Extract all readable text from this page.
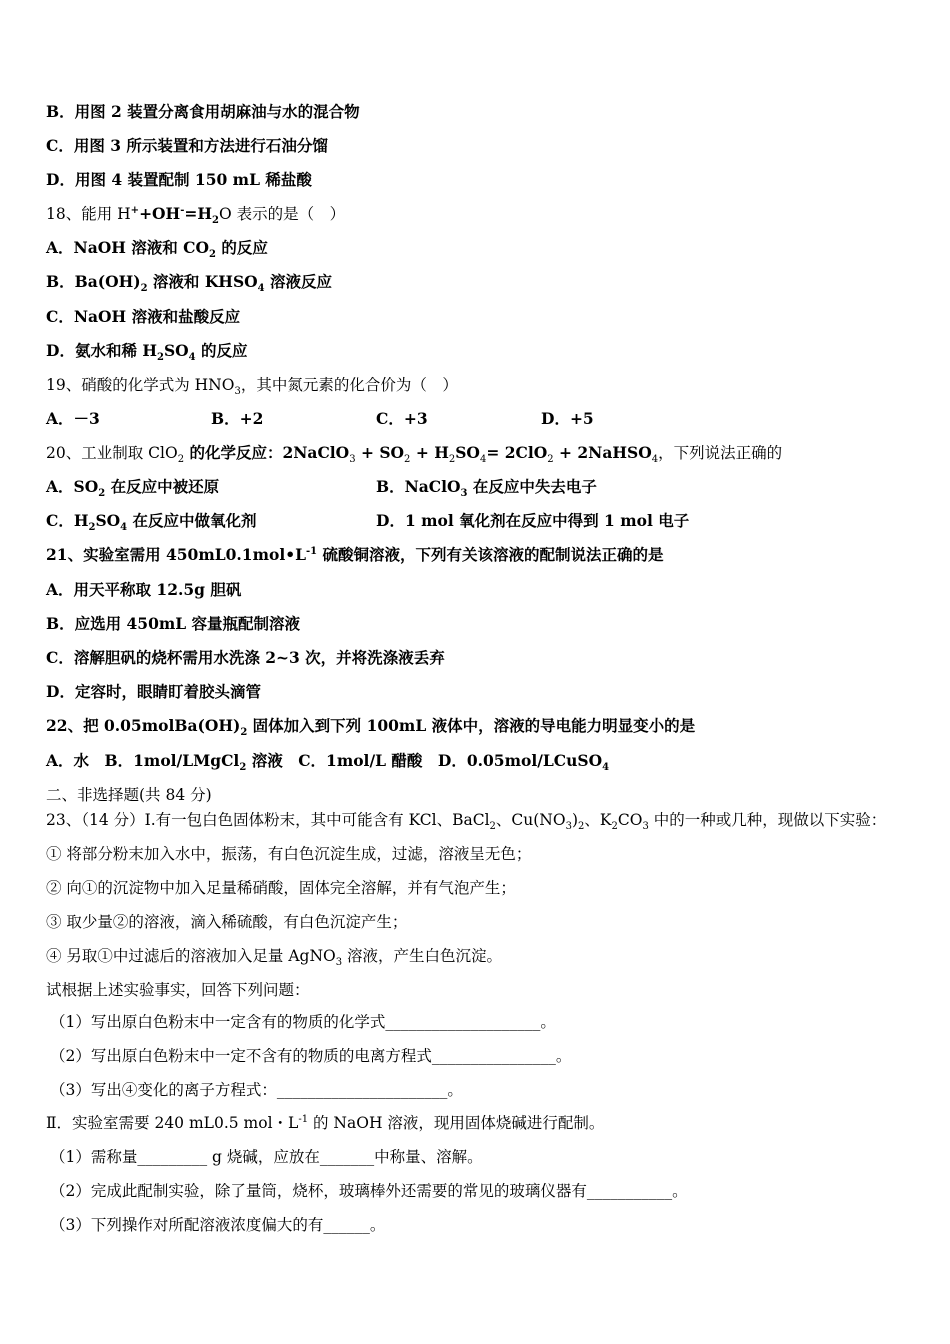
B．用图 2 装置分离食用胡麻油与水的混合物
C．用图 3 所示装置和方法进行石油分馏
D．用图 4 装置配制 150 mL 稀盐酸
18、能用 $H^++OH^-=H_2O$ 表示的是（　）
A．NaOH 溶液和 $CO_2$ 的反应
B．$Ba(OH)_2$ 溶液和 $KHSO_4$ 溶液反应
C．NaOH 溶液和盐酸反应
D．氨水和稀 $H_2SO_4$ 的反应
19、硝酸的化学式为 $HNO_3$，其中氮元素的化合价为（　）
A．－3	B．+2	C．+3	D．+5
20、工业制取 ClO$_2$ 的化学反应：2NaClO$_3$ + $SO_2 + H_2SO_4= 2ClO_2$ + 2NaHSO$_4$，下列说法正确的
A．$SO_2$ 在反应中被还原	B．NaClO$_3$ 在反应中失去电子
C．$H_2SO_4$ 在反应中做氧化剂	D．1 mol 氧化剂在反应中得到 1 mol 电子
21、实验室需用 $450mL0.1mol•L^{-1}$ 硫酸铜溶液，下列有关该溶液的配制说法正确的是
A．用天平称取 12.5g 胆矾
B．应选用 450mL 容量瓶配制溶液
C．溶解胆矾的烧杯需用水洗涤 2~3 次，并将洗涤液丢弃
D．定容时，眼睛盯着胶头滴管
22、把 $0.05molBa(OH)_2$ 固体加入到下列 100mL 液体中，溶液的导电能力明显变小的是
A．水　B．1mol/LMgCl$_2$ 溶液　C．1mol/L 醋酸　D．0.05mol/LCuSO$_4$
二、非选择题(共 84 分)
23、（14 分）Ⅰ.有一包白色固体粉末，其中可能含有 KCl、BaCl$_2$、$Cu(NO_3)_2$、$K_2CO_3$ 中的一种或几种，现做以下实验：
① 将部分粉末加入水中，振荡，有白色沉淀生成，过滤，溶液呈无色；
② 向①的沉淀物中加入足量稀硝酸，固体完全溶解，并有气泡产生；
③ 取少量②的溶液，滴入稀硫酸，有白色沉淀产生；
④ 另取①中过滤后的溶液加入足量 AgNO$_3$ 溶液，产生白色沉淀。
试根据上述实验事实，回答下列问题：
（1）写出原白色粉末中一定含有的物质的化学式____________________。
（2）写出原白色粉末中一定不含有的物质的电离方程式________________。
（3）写出④变化的离子方程式：______________________。
Ⅱ．实验室需要 240 mL0.5 mol・$L^{-1}$ 的 NaOH 溶液，现用固体烧碱进行配制。
（1）需称量_________ g 烧碱，应放在_______中称量、溶解。
（2）完成此配制实验，除了量筒，烧杯，玻璃棒外还需要的常见的玻璃仪器有___________。
（3）下列操作对所配溶液浓度偏大的有______。
